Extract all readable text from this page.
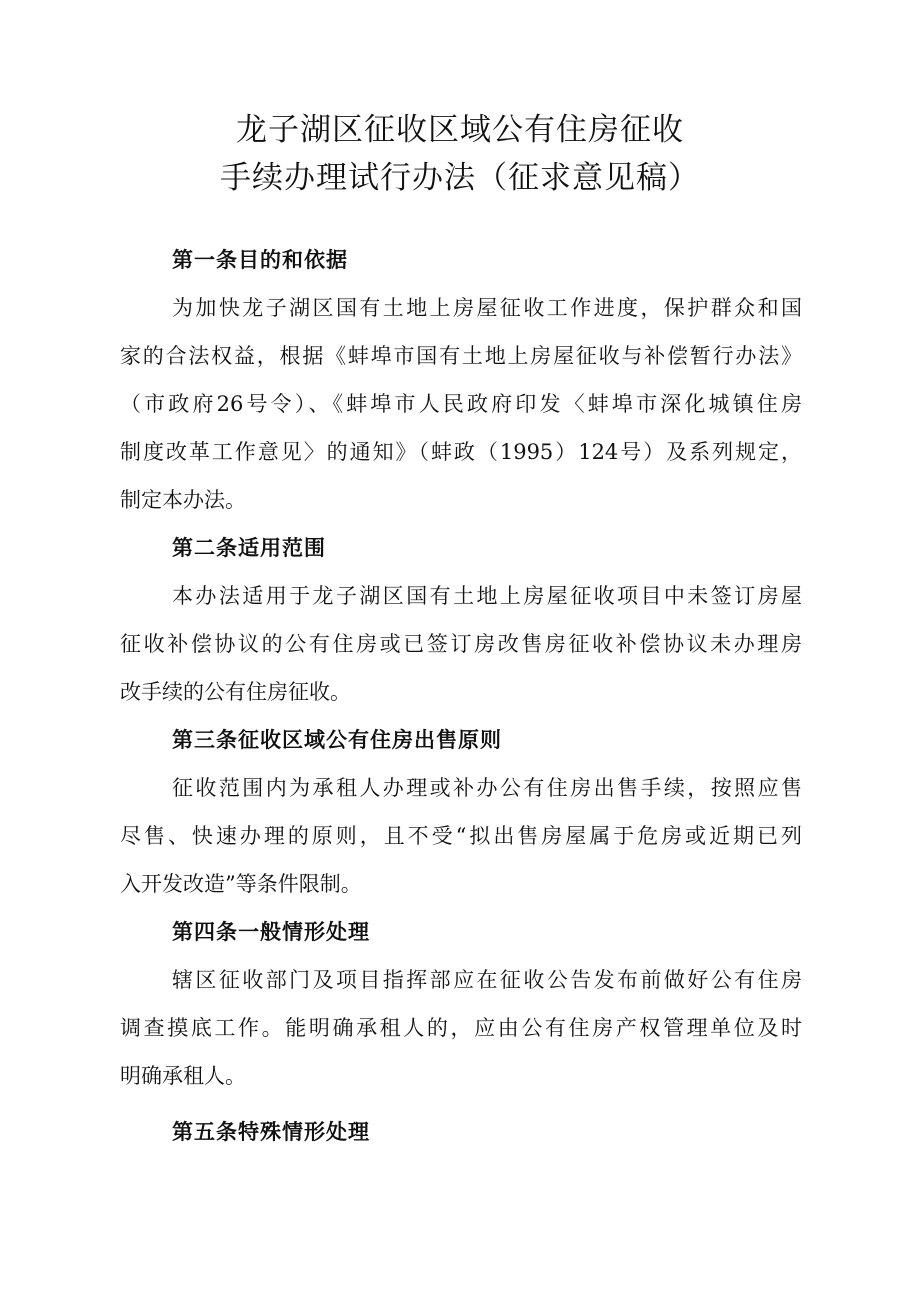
龙子湖区征收区域公有住房征收
手续办理试行办法（征求意见稿）
第一条目的和依据
为加快龙子湖区国有土地上房屋征收工作进度，保护群众和国
家的合法权益，根据《蚌埠市国有土地上房屋征收与补偿暂行办法》
（市政府26号令）、《蚌埠市人民政府印发〈蚌埠市深化城镇住房
制度改革工作意见〉的通知》（蚌政（1995）124号）及系列规定，
制定本办法。
第二条适用范围
本办法适用于龙子湖区国有土地上房屋征收项目中未签订房屋
征收补偿协议的公有住房或已签订房改售房征收补偿协议未办理房
改手续的公有住房征收。
第三条征收区域公有住房出售原则
征收范围内为承租人办理或补办公有住房出售手续，按照应售
尽售、快速办理的原则，且不受“拟出售房屋属于危房或近期已列
入开发改造”等条件限制。
第四条一般情形处理
辖区征收部门及项目指挥部应在征收公告发布前做好公有住房
调查摸底工作。能明确承租人的，应由公有住房产权管理单位及时
明确承租人。
第五条特殊情形处理
